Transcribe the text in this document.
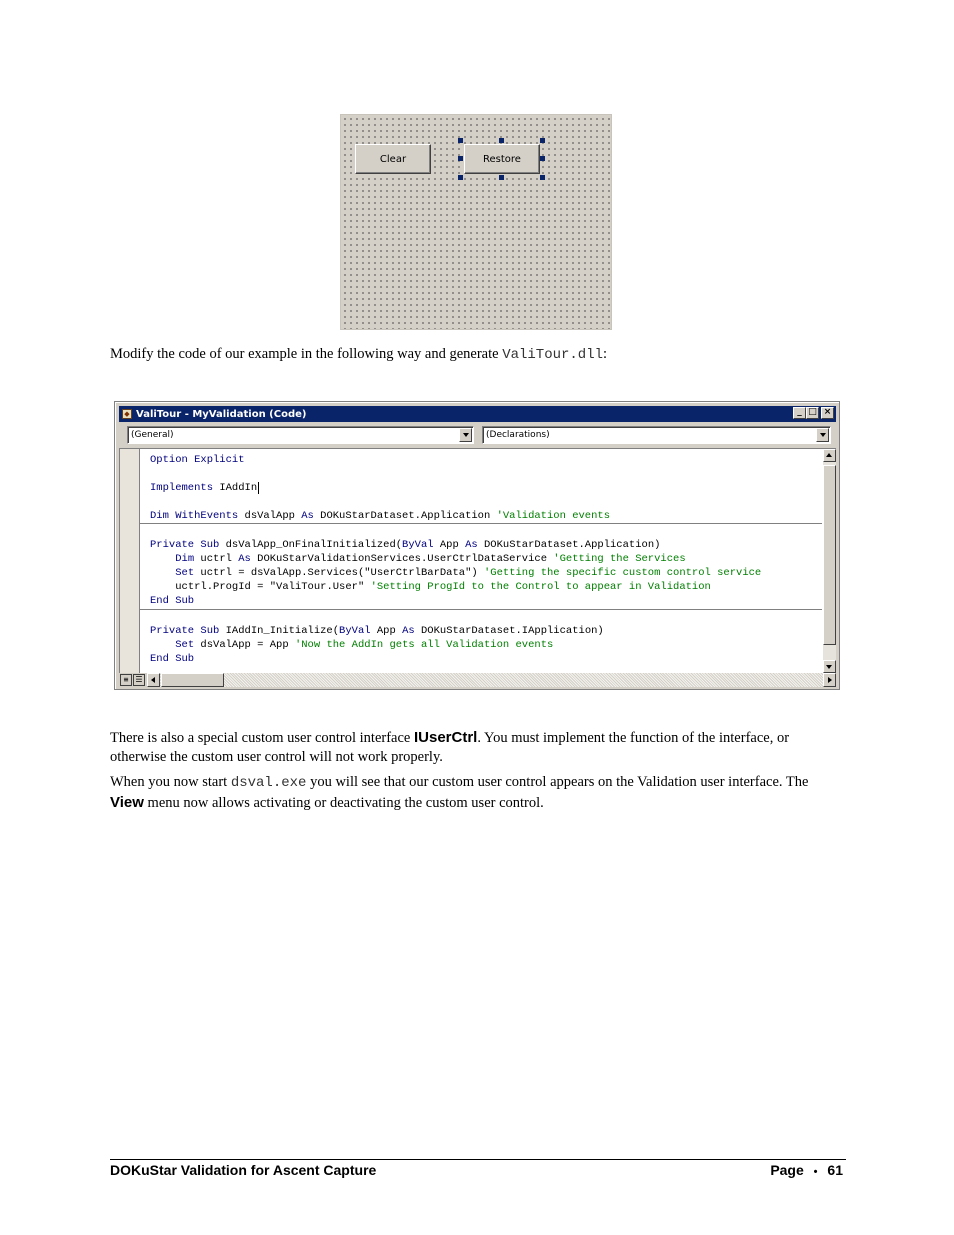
Clear	Restore
Modify the code of our example in the following way and generate ValiTour.dll:
◆ ValiTour - MyValidation (Code)	_ □ ×
(General)	(Declarations)
Option Explicit
Implements IAddIn
Dim WithEvents dsValApp As DOKuStarDataset.Application 'Validation events
Private Sub dsValApp_OnFinalInitialized(ByVal App As DOKuStarDataset.Application)
Dim uctrl As DOKuStarValidationServices.UserCtrlDataService 'Getting the Services
Set uctrl = dsValApp.Services("UserCtrlBarData") 'Getting the specific custom control service
uctrl.ProgId = "ValiTour.User" 'Setting ProgId to the Control to appear in Validation
End Sub
Private Sub IAddIn_Initialize(ByVal App As DOKuStarDataset.IApplication)
Set dsValApp = App 'Now the AddIn gets all Validation events
End Sub
≡ ☰
There is also a special custom user control interface IUserCtrl. You must implement the function of the interface, or otherwise the custom user control will not work properly.
When you now start dsval.exe you will see that our custom user control appears on the Validation user interface. The View menu now allows activating or deactivating the custom user control.
DOKuStar Validation for Ascent Capture	Page • 61
